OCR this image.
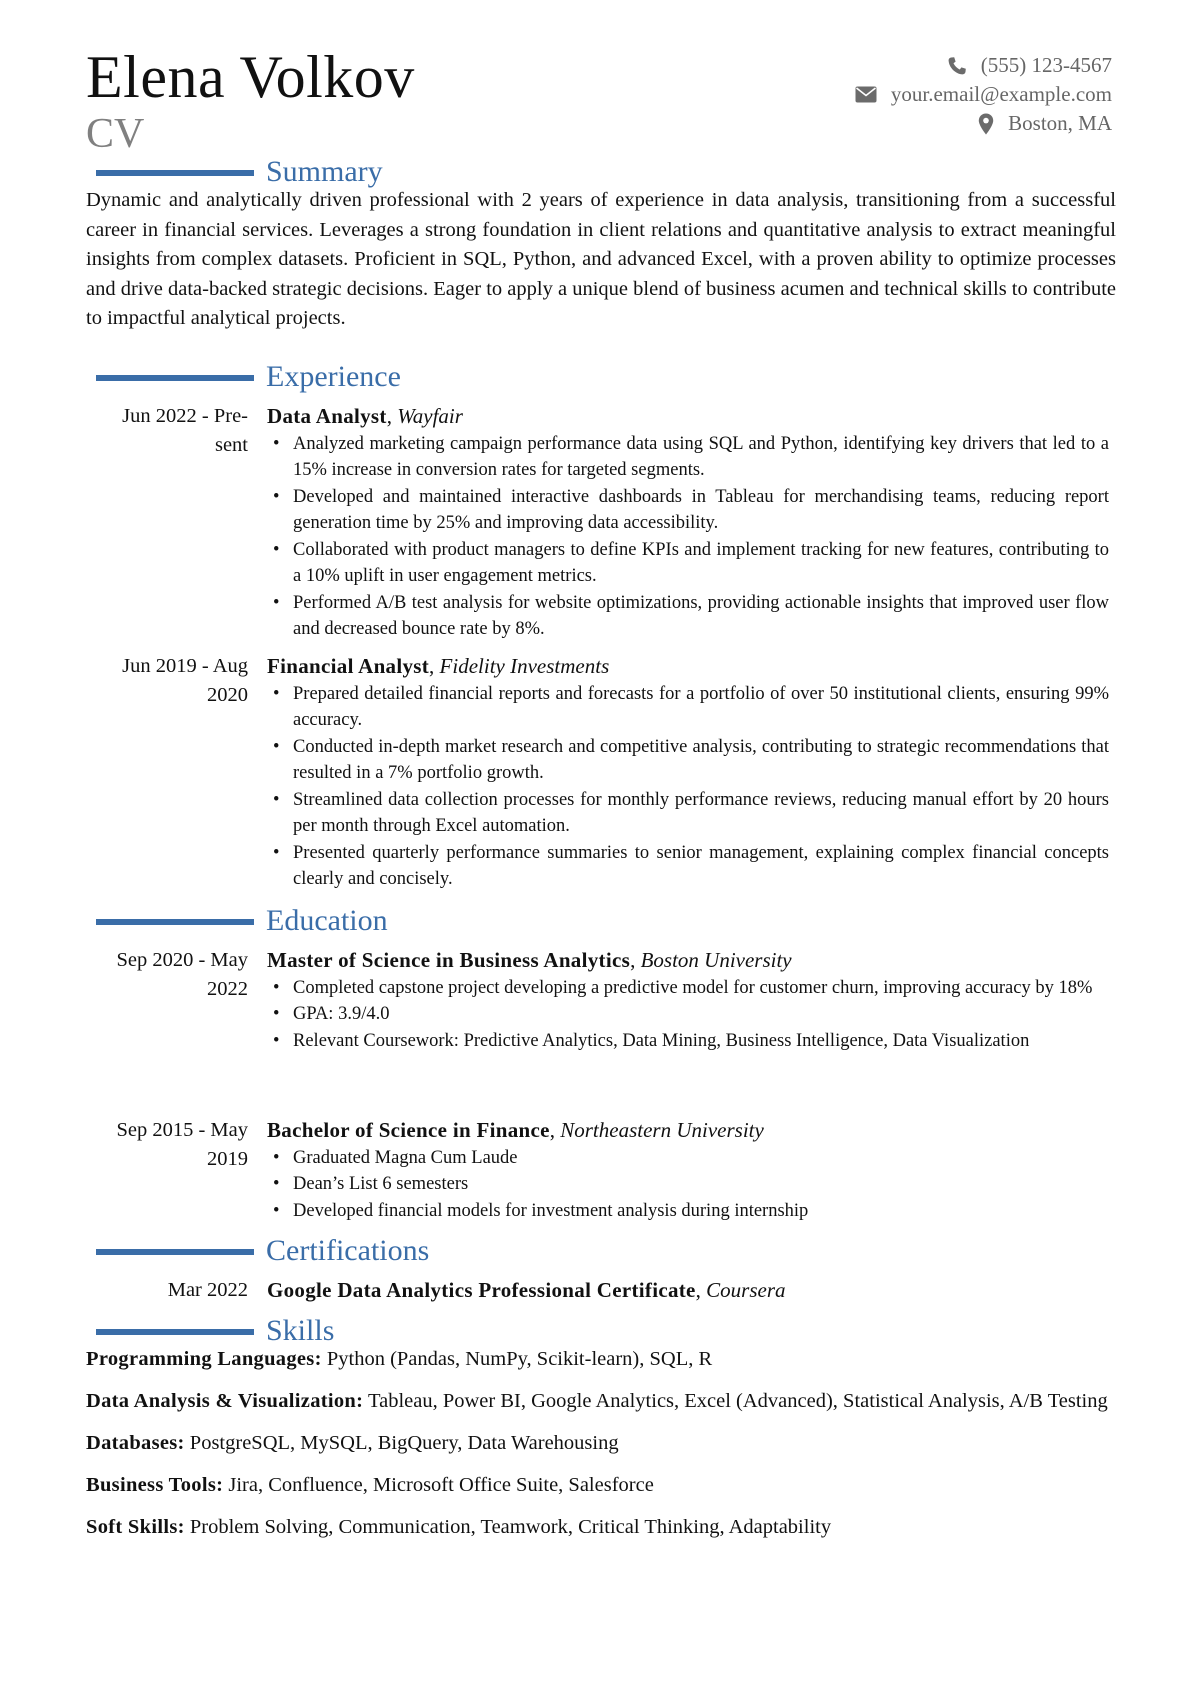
Elena Volkov
CV
(555) 123-4567
your.email@example.com
Boston, MA
Summary
Dynamic and analytically driven professional with 2 years of experience in data analysis, transitioning from a successful career in financial services. Leverages a strong foundation in client relations and quantitative analysis to extract meaningful insights from complex datasets. Proficient in SQL, Python, and advanced Excel, with a proven ability to optimize processes and drive data-backed strategic decisions. Eager to apply a unique blend of business acumen and technical skills to contribute to impactful analytical projects.
Experience
Jun 2022 - Pre-
sent
Data Analyst, Wayfair
• Analyzed marketing campaign performance data using SQL and Python, identifying key drivers that led to a 15% increase in conversion rates for targeted segments.
• Developed and maintained interactive dashboards in Tableau for merchandising teams, reducing report generation time by 25% and improving data accessibility.
• Collaborated with product managers to define KPIs and implement tracking for new features, contributing to a 10% uplift in user engagement metrics.
• Performed A/B test analysis for website optimizations, providing actionable insights that improved user flow and decreased bounce rate by 8%.
Jun 2019 - Aug
2020
Financial Analyst, Fidelity Investments
• Prepared detailed financial reports and forecasts for a portfolio of over 50 institutional clients, ensuring 99% accuracy.
• Conducted in-depth market research and competitive analysis, contributing to strategic recommendations that resulted in a 7% portfolio growth.
• Streamlined data collection processes for monthly performance reviews, reducing manual effort by 20 hours per month through Excel automation.
• Presented quarterly performance summaries to senior management, explaining complex financial concepts clearly and concisely.
Education
Sep 2020 - May
2022
Master of Science in Business Analytics, Boston University
• Completed capstone project developing a predictive model for customer churn, improving accuracy by 18%
• GPA: 3.9/4.0
• Relevant Coursework: Predictive Analytics, Data Mining, Business Intelligence, Data Visualization
Sep 2015 - May
2019
Bachelor of Science in Finance, Northeastern University
• Graduated Magna Cum Laude
• Dean’s List 6 semesters
• Developed financial models for investment analysis during internship
Certifications
Mar 2022 Google Data Analytics Professional Certificate, Coursera
Skills
Programming Languages: Python (Pandas, NumPy, Scikit-learn), SQL, R
Data Analysis & Visualization: Tableau, Power BI, Google Analytics, Excel (Advanced), Statistical Analysis, A/B Testing
Databases: PostgreSQL, MySQL, BigQuery, Data Warehousing
Business Tools: Jira, Confluence, Microsoft Office Suite, Salesforce
Soft Skills: Problem Solving, Communication, Teamwork, Critical Thinking, Adaptability
